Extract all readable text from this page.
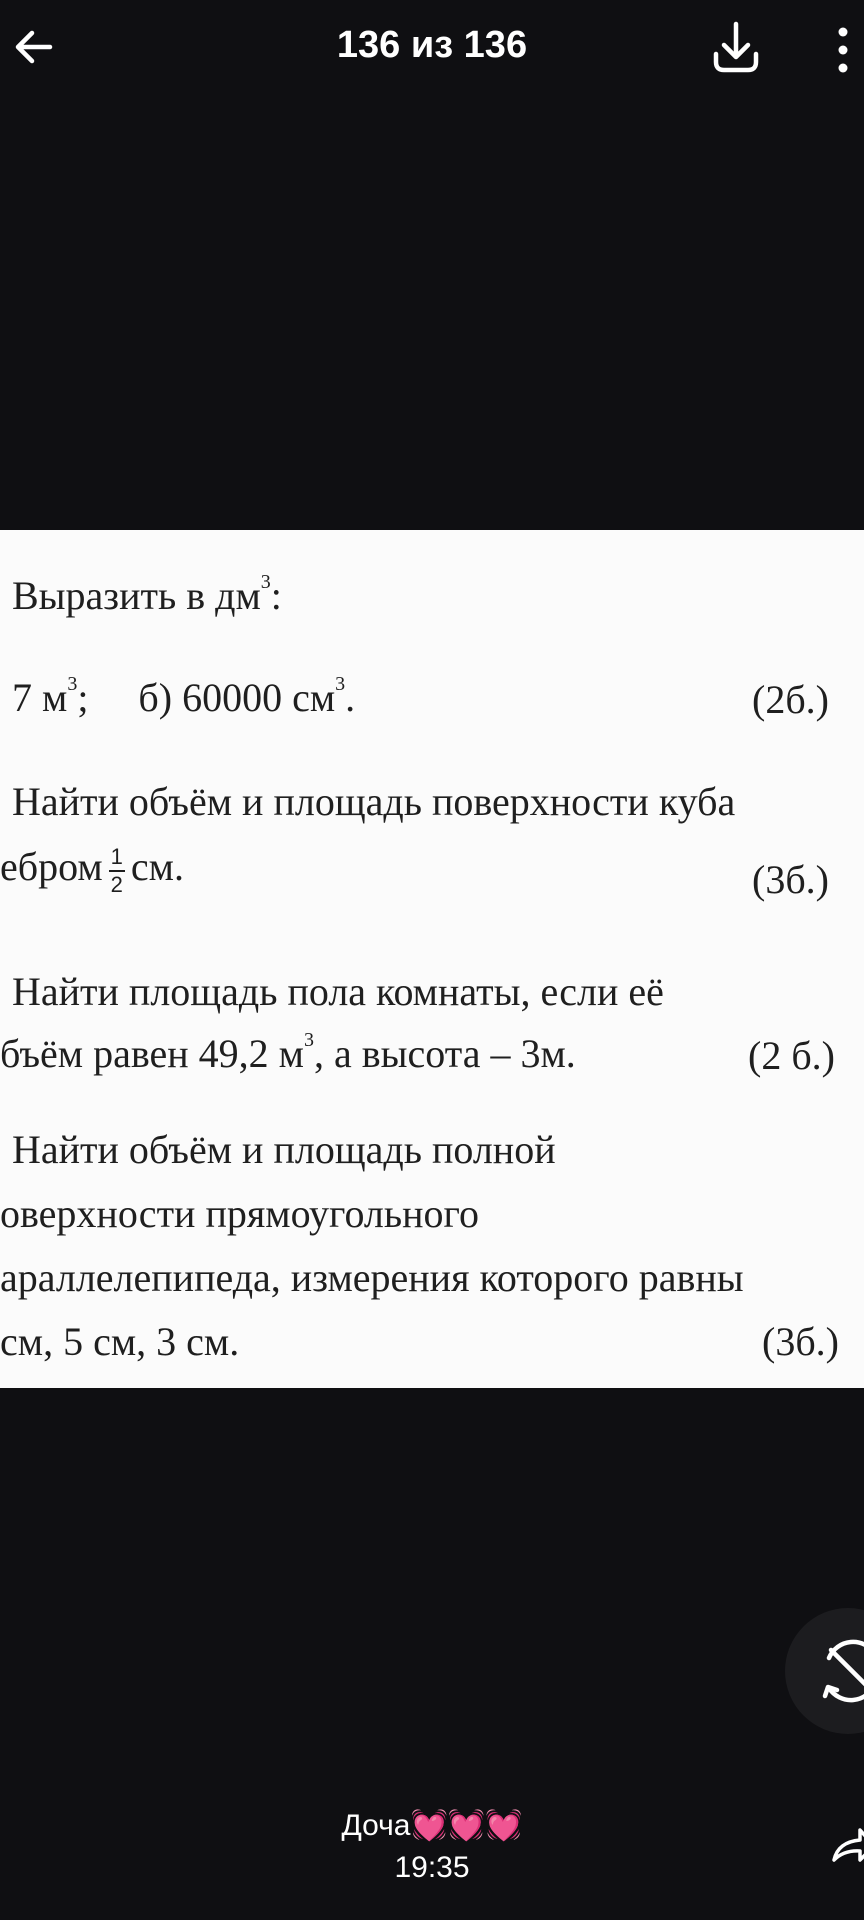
136 из 136
Выразить в $дм^3$:
7 $м^3$;     б) 60000 $см^3$.	(2б.)
Найти объём и площадь поверхности куба
ебром $\frac{1}{2}$ см.	(3б.)
Найти площадь пола комнаты, если её
бъём равен 49,2 $м^3$, а высота – 3м.	(2 б.)
Найти объём и площадь полной
оверхности прямоугольного
араллелепипеда, измерения которого равны
см, 5 см, 3 см.	(3б.)
Доча💓💓💓
19:35
